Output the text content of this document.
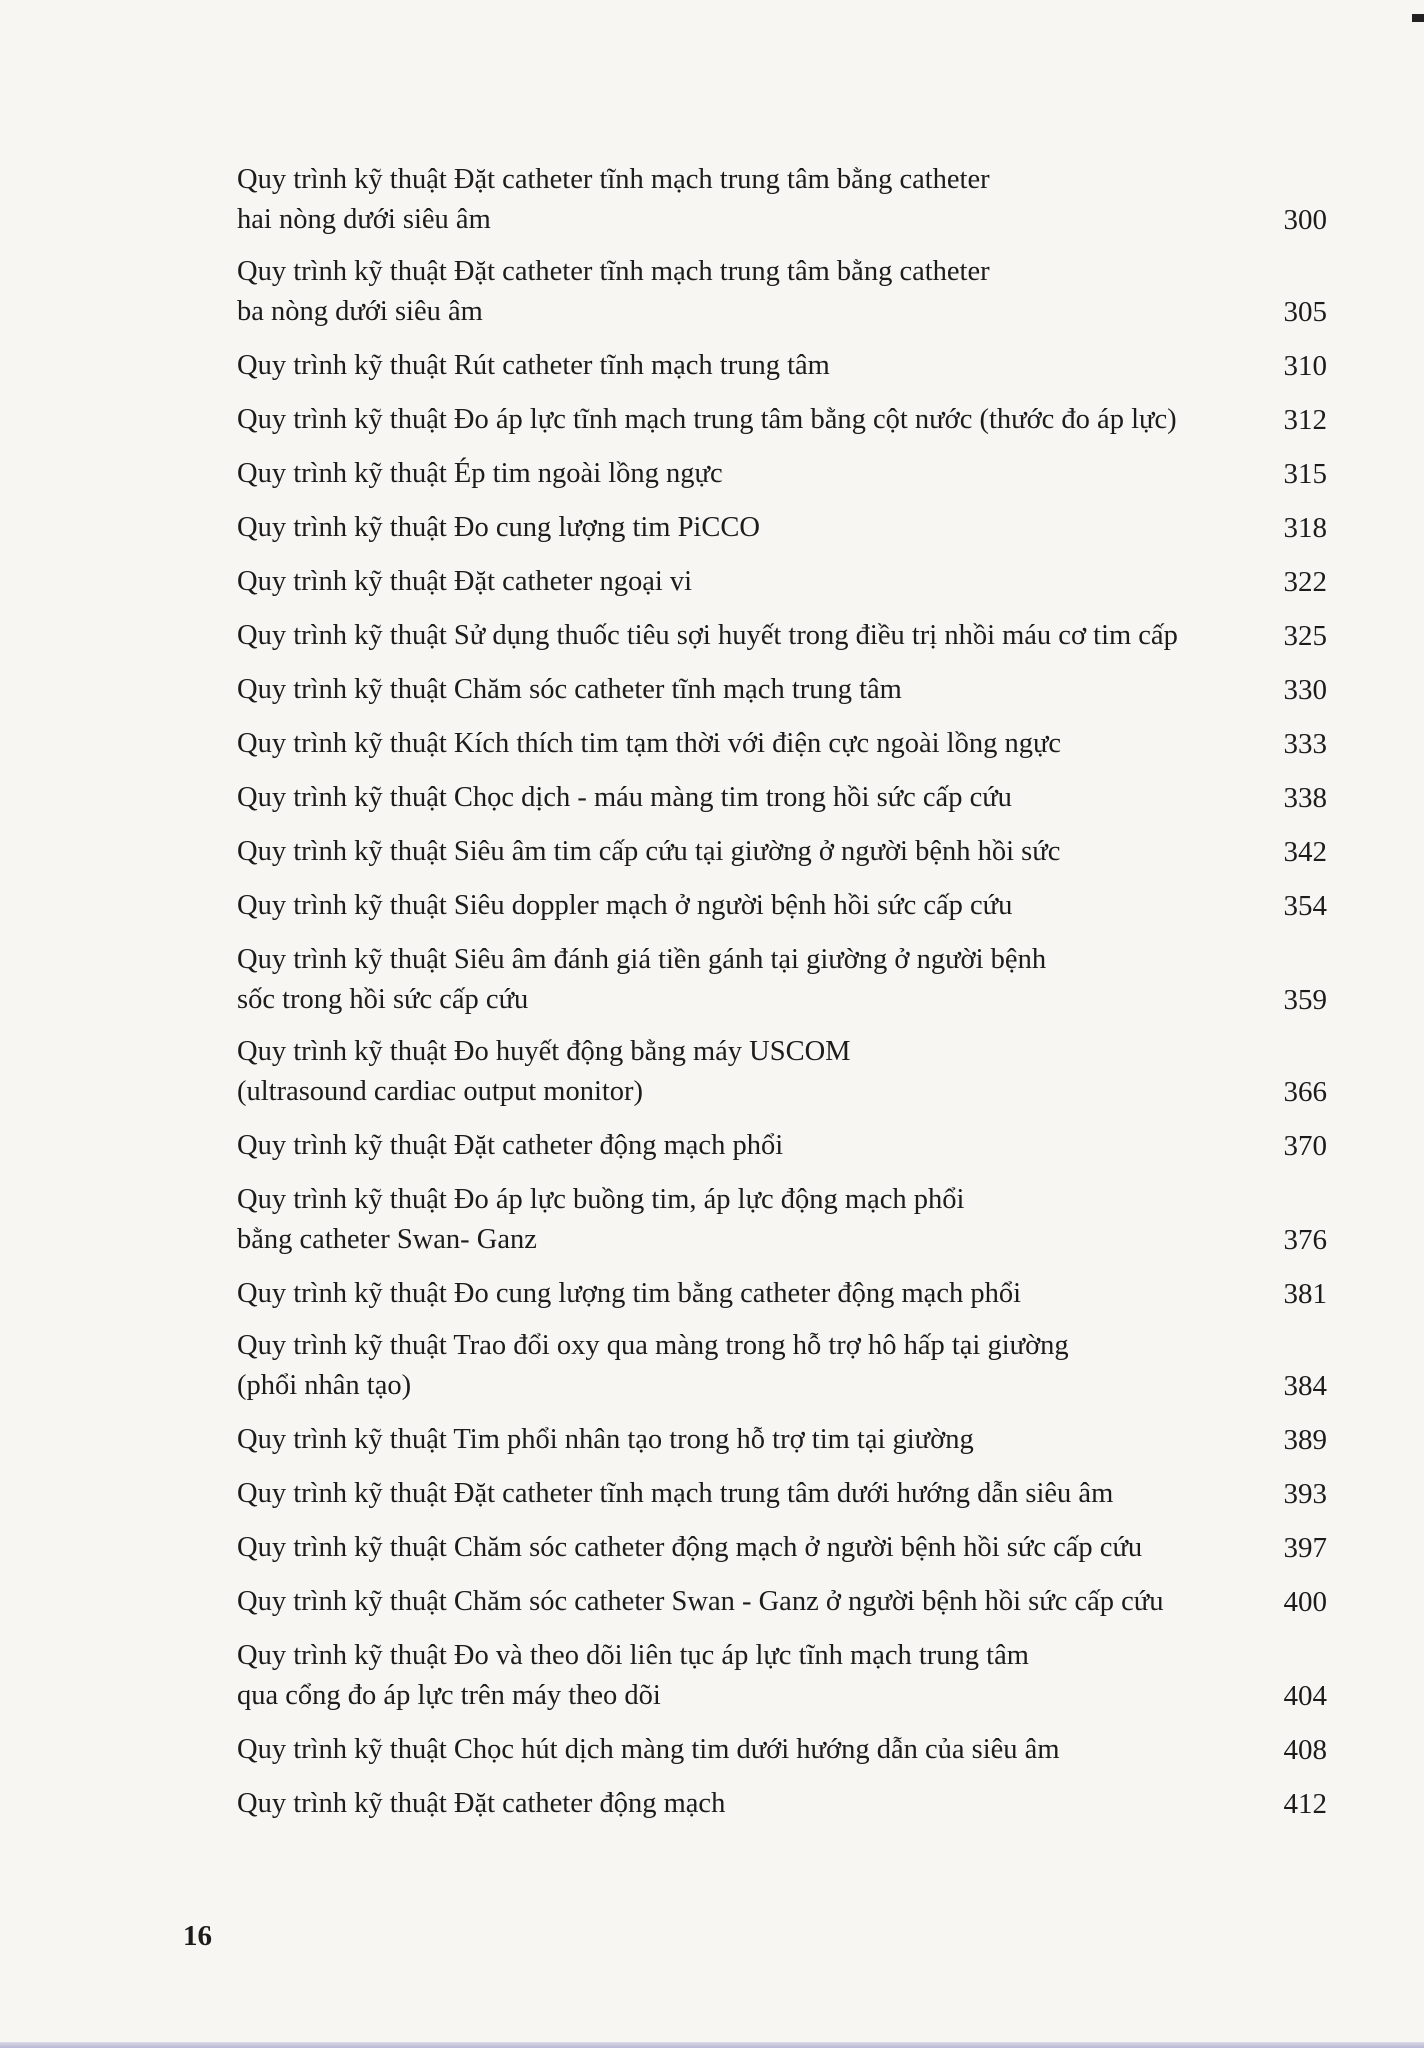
Quy trình kỹ thuật Đặt catheter tĩnh mạch trung tâm bằng catheter
hai nòng dưới siêu âm	300
Quy trình kỹ thuật Đặt catheter tĩnh mạch trung tâm bằng catheter
ba nòng dưới siêu âm	305
Quy trình kỹ thuật Rút catheter tĩnh mạch trung tâm	310
Quy trình kỹ thuật Đo áp lực tĩnh mạch trung tâm bằng cột nước (thước đo áp lực)	312
Quy trình kỹ thuật Ép tim ngoài lồng ngực	315
Quy trình kỹ thuật Đo cung lượng tim PiCCO	318
Quy trình kỹ thuật Đặt catheter ngoại vi	322
Quy trình kỹ thuật Sử dụng thuốc tiêu sợi huyết trong điều trị nhồi máu cơ tim cấp	325
Quy trình kỹ thuật Chăm sóc catheter tĩnh mạch trung tâm	330
Quy trình kỹ thuật Kích thích tim tạm thời với điện cực ngoài lồng ngực	333
Quy trình kỹ thuật Chọc dịch - máu màng tim trong hồi sức cấp cứu	338
Quy trình kỹ thuật Siêu âm tim cấp cứu tại giường ở người bệnh hồi sức	342
Quy trình kỹ thuật Siêu doppler mạch ở người bệnh hồi sức cấp cứu	354
Quy trình kỹ thuật Siêu âm đánh giá tiền gánh tại giường ở người bệnh
sốc trong hồi sức cấp cứu	359
Quy trình kỹ thuật Đo huyết động bằng máy USCOM
(ultrasound cardiac output monitor)	366
Quy trình kỹ thuật Đặt catheter động mạch phổi	370
Quy trình kỹ thuật Đo áp lực buồng tim, áp lực động mạch phổi
bằng catheter Swan- Ganz	376
Quy trình kỹ thuật Đo cung lượng tim bằng catheter động mạch phổi	381
Quy trình kỹ thuật Trao đổi oxy qua màng trong hỗ trợ hô hấp tại giường
(phổi nhân tạo)	384
Quy trình kỹ thuật Tim phổi nhân tạo trong hỗ trợ tim tại giường	389
Quy trình kỹ thuật Đặt catheter tĩnh mạch trung tâm dưới hướng dẫn siêu âm	393
Quy trình kỹ thuật Chăm sóc catheter động mạch ở người bệnh hồi sức cấp cứu	397
Quy trình kỹ thuật Chăm sóc catheter Swan - Ganz ở người bệnh hồi sức cấp cứu	400
Quy trình kỹ thuật Đo và theo dõi liên tục áp lực tĩnh mạch trung tâm
qua cổng đo áp lực trên máy theo dõi	404
Quy trình kỹ thuật Chọc hút dịch màng tim dưới hướng dẫn của siêu âm	408
Quy trình kỹ thuật Đặt catheter động mạch	412
16
